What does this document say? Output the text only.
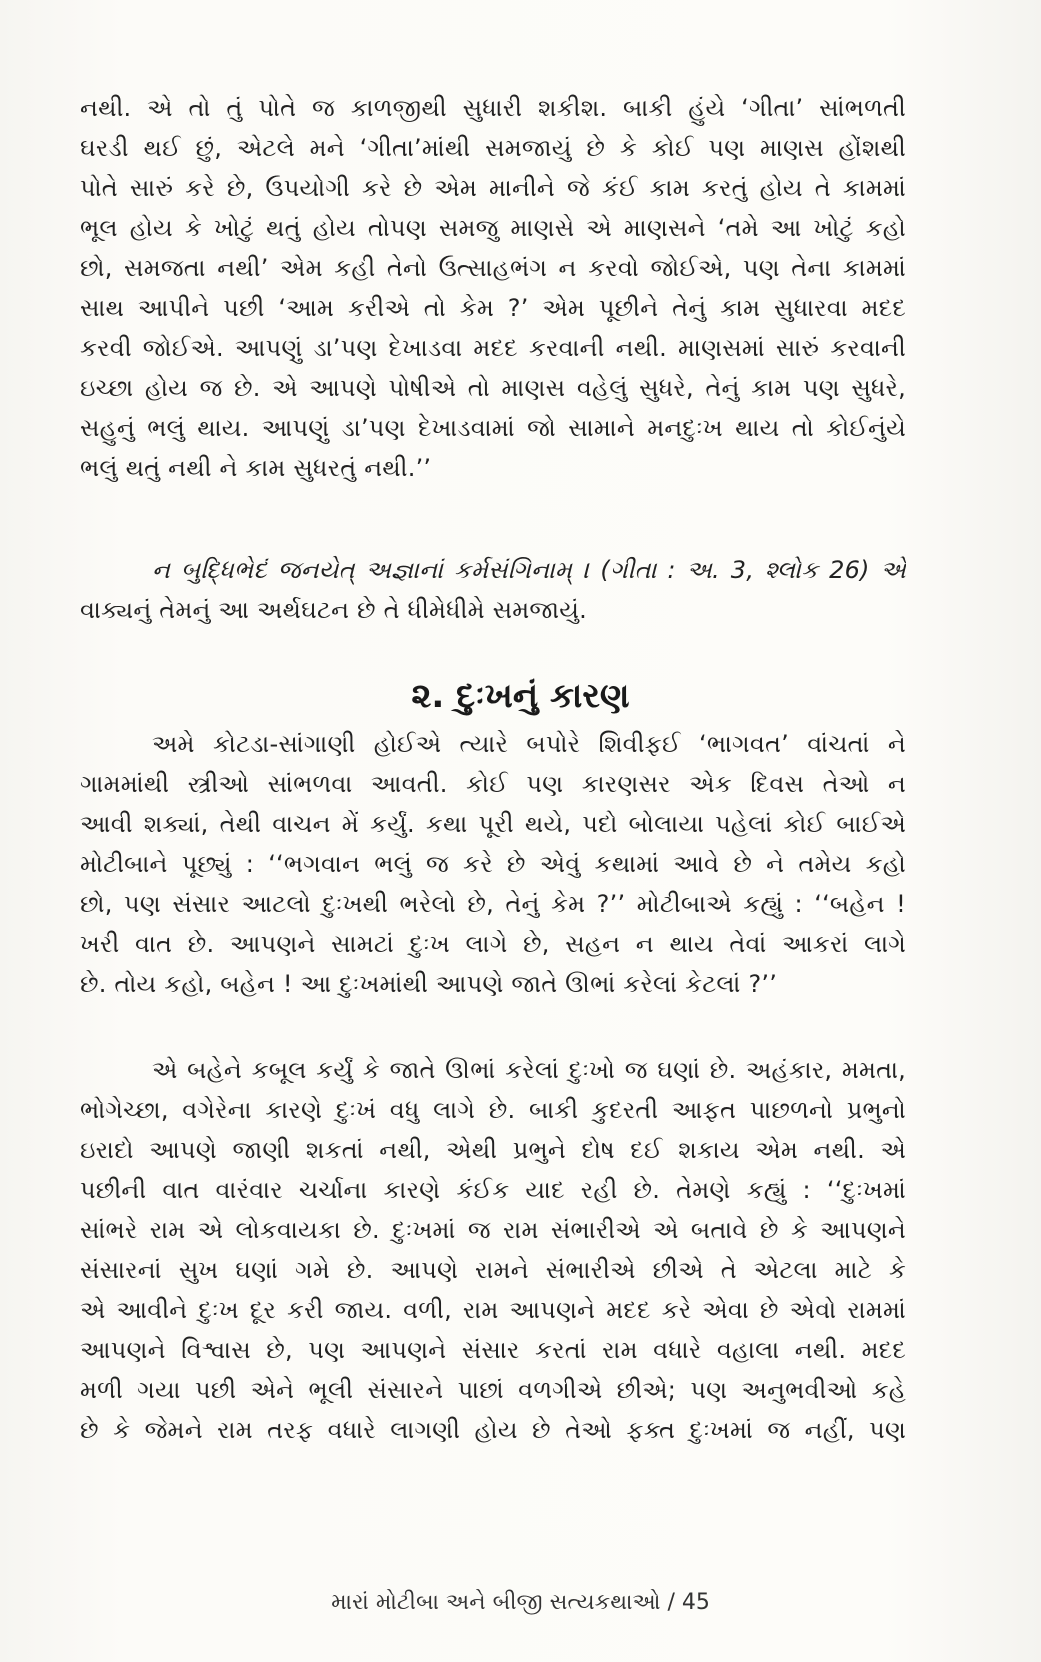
નથી. એ તો તું પોતે જ કાળજીથી સુધારી શકીશ. બાકી હુંયે ‘ગીતા’ સાંભળતી
ઘરડી થઈ છું, એટલે મને ‘ગીતા’માંથી સમજાયું છે કે કોઈ પણ માણસ હોંશથી
પોતે સારું કરે છે, ઉપયોગી કરે છે એમ માનીને જે કંઈ કામ કરતું હોય તે કામમાં
ભૂલ હોય કે ખોટું થતું હોય તોપણ સમજુ માણસે એ માણસને ‘તમે આ ખોટું કહો
છો, સમજતા નથી’ એમ કહી તેનો ઉત્સાહભંગ ન કરવો જોઈએ, પણ તેના કામમાં
સાથ આપીને પછી ‘આમ કરીએ તો કેમ ?’ એમ પૂછીને તેનું કામ સુધારવા મદદ
કરવી જોઈએ. આપણું ડા’પણ દેખાડવા મદદ કરવાની નથી. માણસમાં સારું કરવાની
ઇચ્છા હોય જ છે. એ આપણે પોષીએ તો માણસ વહેલું સુધરે, તેનું કામ પણ સુધરે,
સહુનું ભલું થાય. આપણું ડા’પણ દેખાડવામાં જો સામાને મનદુઃખ થાય તો કોઈનુંયે
ભલું થતું નથી ને કામ સુધરતું નથી.’’
ન બુદ્ધિભેદં જનયેત્ અજ્ઞાનાં કર્મસંગિનામ્ । (ગીતા : અ. 3, શ્લોક 26) એ
વાક્યનું તેમનું આ અર્થઘટન છે તે ધીમેધીમે સમજાયું.
૨. દુઃખનું કારણ
અમે કોટડા-સાંગાણી હોઈએ ત્યારે બપોરે શિવીફઈ ‘ભાગવત’ વાંચતાં ને
ગામમાંથી સ્ત્રીઓ સાંભળવા આવતી. કોઈ પણ કારણસર એક દિવસ તેઓ ન
આવી શક્યાં, તેથી વાચન મેં કર્યું. કથા પૂરી થયે, પદો બોલાયા પહેલાં કોઈ બાઈએ
મોટીબાને પૂછ્યું : ‘‘ભગવાન ભલું જ કરે છે એવું કથામાં આવે છે ને તમેય કહો
છો, પણ સંસાર આટલો દુઃખથી ભરેલો છે, તેનું કેમ ?’’ મોટીબાએ કહ્યું : ‘‘બહેન !
ખરી વાત છે. આપણને સામટાં દુઃખ લાગે છે, સહન ન થાય તેવાં આકરાં લાગે
છે. તોય કહો, બહેન ! આ દુઃખમાંથી આપણે જાતે ઊભાં કરેલાં કેટલાં ?’’
એ બહેને કબૂલ કર્યું કે જાતે ઊભાં કરેલાં દુઃખો જ ઘણાં છે. અહંકાર, મમતા,
ભોગેચ્છા, વગેરેના કારણે દુઃખં વધુ લાગે છે. બાકી કુદરતી આફત પાછળનો પ્રભુનો
ઇરાદો આપણે જાણી શકતાં નથી, એથી પ્રભુને દોષ દઈ શકાય એમ નથી. એ
પછીની વાત વારંવાર ચર્ચાના કારણે કંઈક યાદ રહી છે. તેમણે કહ્યું : ‘‘દુઃખમાં
સાંભરે રામ એ લોકવાયકા છે. દુઃખમાં જ રામ સંભારીએ એ બતાવે છે કે આપણને
સંસારનાં સુખ ઘણાં ગમે છે. આપણે રામને સંભારીએ છીએ તે એટલા માટે કે
એ આવીને દુઃખ દૂર કરી જાય. વળી, રામ આપણને મદદ કરે એવા છે એવો રામમાં
આપણને વિશ્વાસ છે, પણ આપણને સંસાર કરતાં રામ વધારે વહાલા નથી. મદદ
મળી ગયા પછી એને ભૂલી સંસારને પાછાં વળગીએ છીએ; પણ અનુભવીઓ કહે
છે કે જેમને રામ તરફ વધારે લાગણી હોય છે તેઓ ફક્ત દુઃખમાં જ નહીં, પણ
મારાં મોટીબા અને બીજી સત્યકથાઓ / 45
